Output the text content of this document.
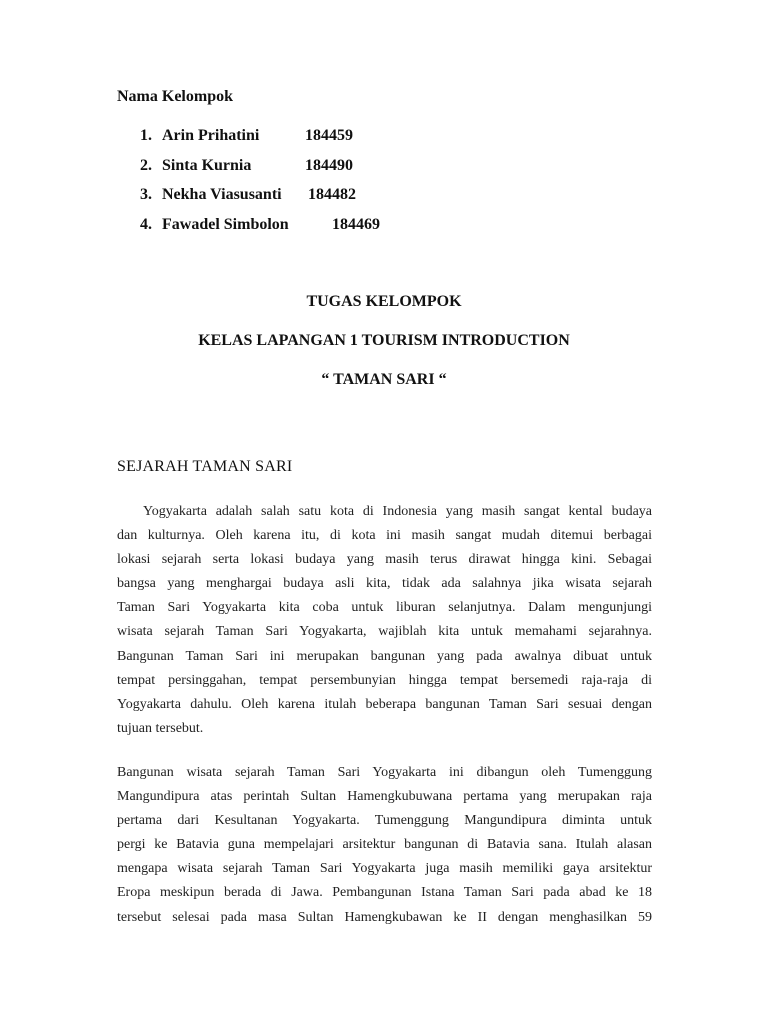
Nama Kelompok
1. Arin Prihatini	184459
2. Sinta Kurnia	184490
3. Nekha Viasusanti 184482
4. Fawadel Simbolon	184469
TUGAS KELOMPOK
KELAS LAPANGAN 1 TOURISM INTRODUCTION
“ TAMAN SARI “
SEJARAH TAMAN SARI

Yogyakarta adalah salah satu kota di Indonesia yang masih sangat kental budaya
dan kulturnya. Oleh karena itu, di kota ini masih sangat mudah ditemui berbagai
lokasi sejarah serta lokasi budaya yang masih terus dirawat hingga kini. Sebagai
bangsa yang menghargai budaya asli kita, tidak ada salahnya jika wisata sejarah
Taman Sari Yogyakarta kita coba untuk liburan selanjutnya. Dalam mengunjungi
wisata sejarah Taman Sari Yogyakarta, wajiblah kita untuk memahami sejarahnya.
Bangunan Taman Sari ini merupakan bangunan yang pada awalnya dibuat untuk
tempat persinggahan, tempat persembunyian hingga tempat bersemedi raja-raja di
Yogyakarta dahulu. Oleh karena itulah beberapa bangunan Taman Sari sesuai dengan
tujuan tersebut.

Bangunan wisata sejarah Taman Sari Yogyakarta ini dibangun oleh Tumenggung
Mangundipura atas perintah Sultan Hamengkubuwana pertama yang merupakan raja
pertama dari Kesultanan Yogyakarta. Tumenggung Mangundipura diminta untuk
pergi ke Batavia guna mempelajari arsitektur bangunan di Batavia sana. Itulah alasan
mengapa wisata sejarah Taman Sari Yogyakarta juga masih memiliki gaya arsitektur
Eropa meskipun berada di Jawa. Pembangunan Istana Taman Sari pada abad ke 18
tersebut selesai pada masa Sultan Hamengkubawan ke II dengan menghasilkan 59
